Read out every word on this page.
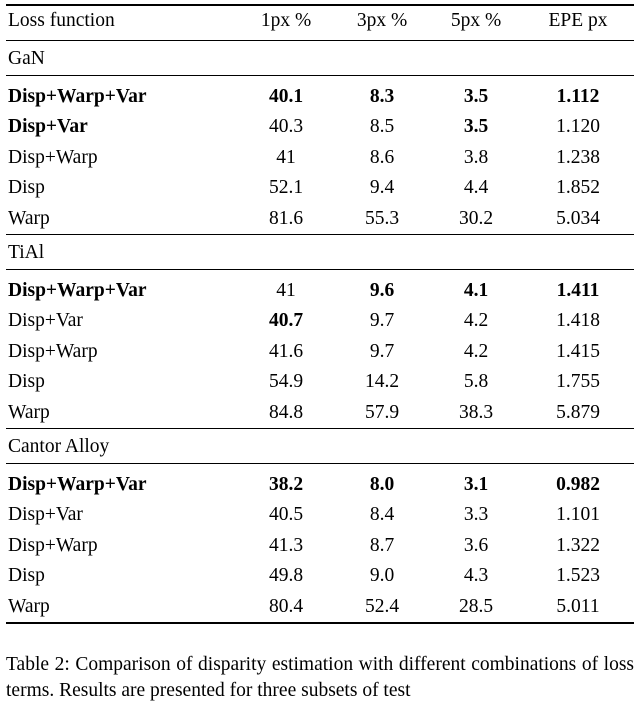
Loss function	1px %	3px %	5px %	EPE px
GaN				

Disp+Warp+Var	40.1	8.3	3.5	1.112
Disp+Var	40.3	8.5	3.5	1.120
Disp+Warp	41	8.6	3.8	1.238
Disp	52.1	9.4	4.4	1.852
Warp	81.6	55.3	30.2	5.034
TiAl				

Disp+Warp+Var	41	9.6	4.1	1.411
Disp+Var	40.7	9.7	4.2	1.418
Disp+Warp	41.6	9.7	4.2	1.415
Disp	54.9	14.2	5.8	1.755
Warp	84.8	57.9	38.3	5.879
Cantor Alloy				

Disp+Warp+Var	38.2	8.0	3.1	0.982
Disp+Var	40.5	8.4	3.3	1.101
Disp+Warp	41.3	8.7	3.6	1.322
Disp	49.8	9.0	4.3	1.523
Warp	80.4	52.4	28.5	5.011

Table 2: Comparison of disparity estimation with different combinations of loss terms. Results are presented for three subsets of test
